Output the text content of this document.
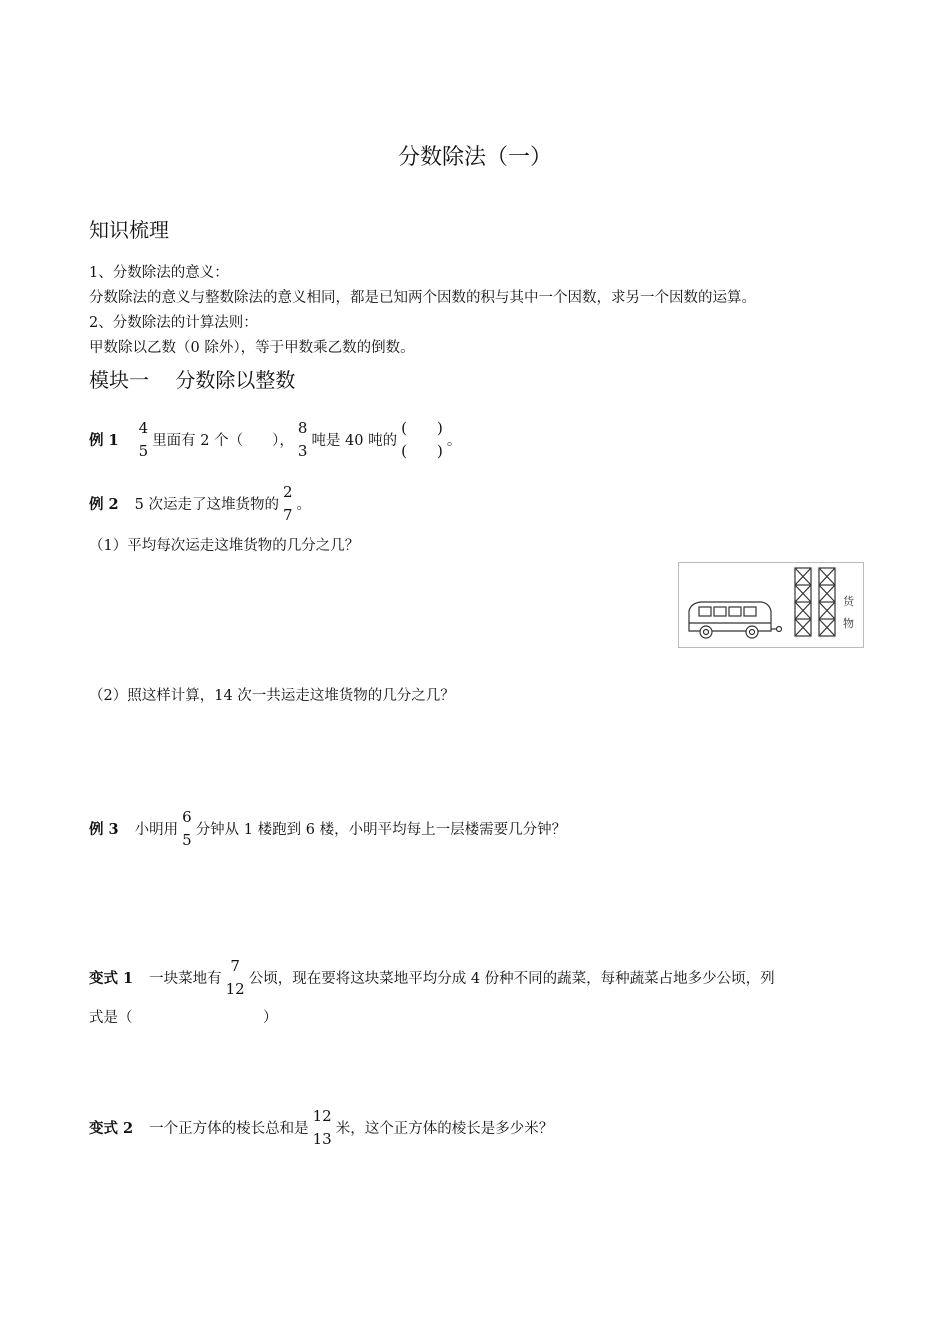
分数除法（一）
知识梳理
1、分数除法的意义：
分数除法的意义与整数除法的意义相同，都是已知两个因数的积与其中一个因数，求另一个因数的运算。
2、分数除法的计算法则：
甲数除以乙数（0 除外），等于甲数乘乙数的倒数。
模块一　 分数除以整数
例 1
4
5
里面有 2 个（　　），
8
3
吨是 40 吨的
(　　)
(　　)
。
例 2 5 次运走了这堆货物的
2
7
。
（1）平均每次运走这堆货物的几分之几？
货
物
（2）照这样计算，14 次一共运走这堆货物的几分之几？
例 3 小明用
6
5
分钟从 1 楼跑到 6 楼，小明平均每上一层楼需要几分钟？
变式 1 一块菜地有
7
12
公顷，现在要将这块菜地平均分成 4 份种不同的蔬菜，每种蔬菜占地多少公顷，列
式是（　　　　　　　　　）
变式 2 一个正方体的棱长总和是
12
13
米，这个正方体的棱长是多少米？
